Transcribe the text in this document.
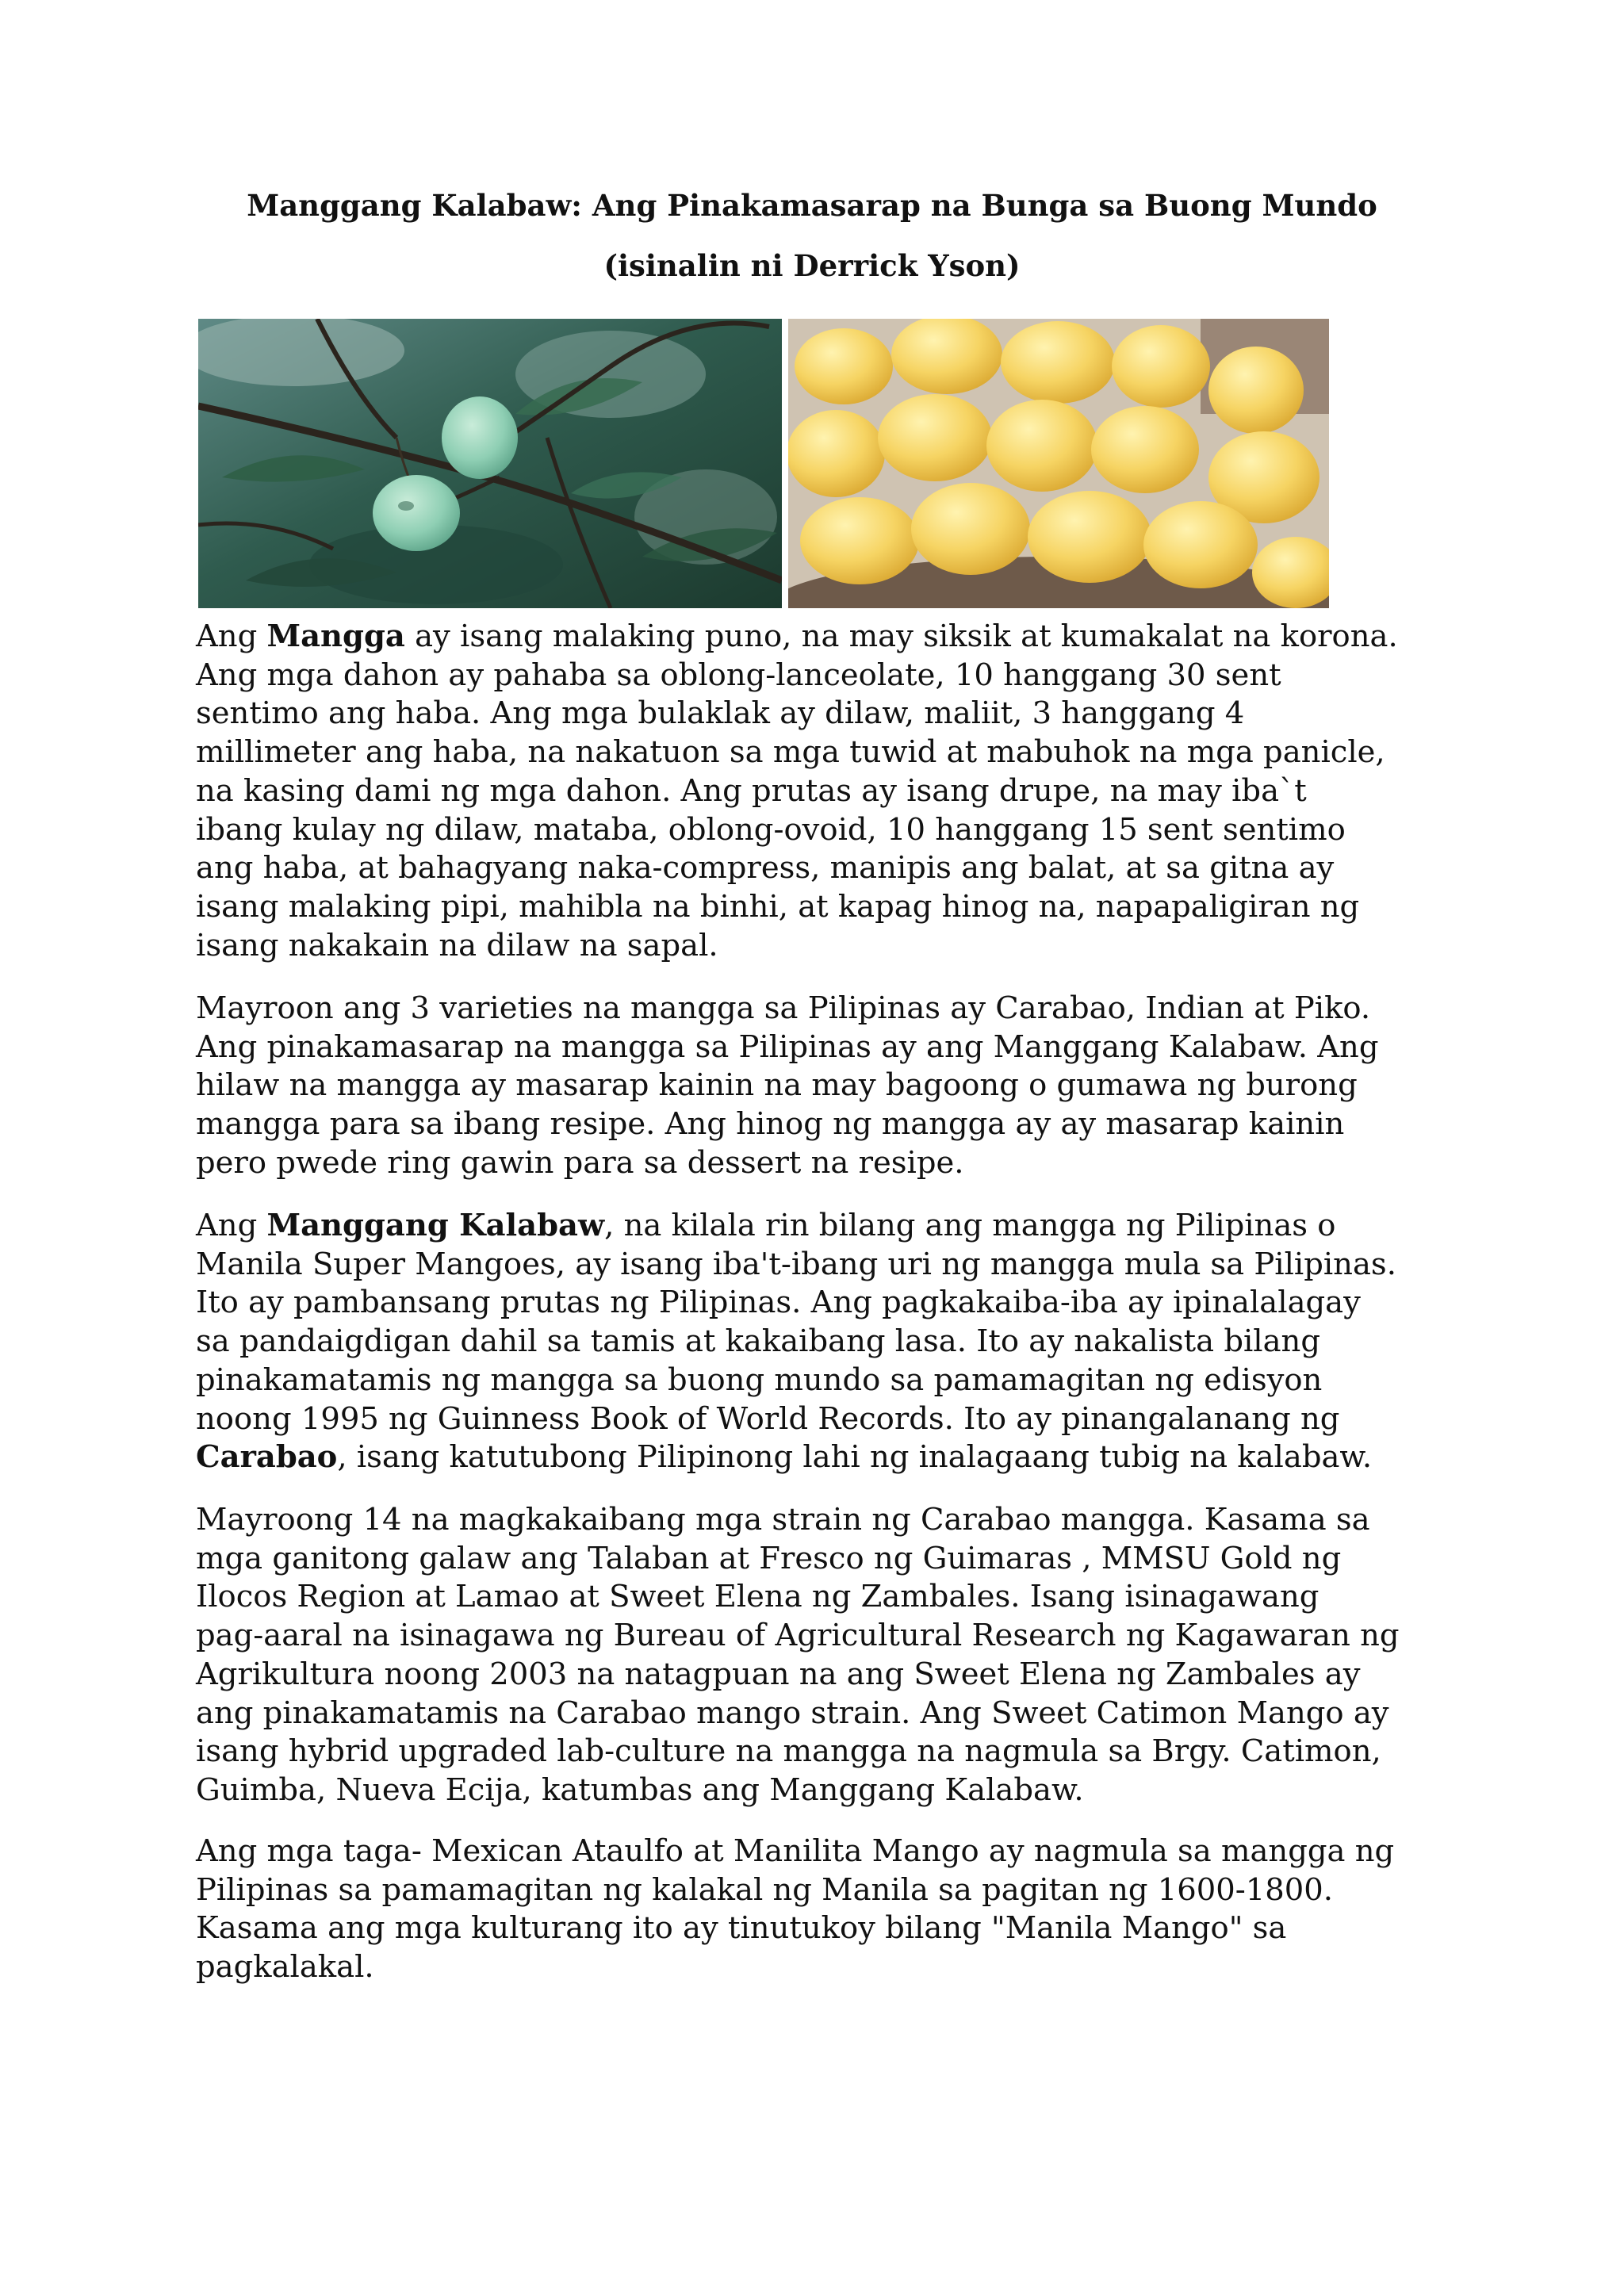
Manggang Kalabaw: Ang Pinakamasarap na Bunga sa Buong Mundo
(isinalin ni Derrick Yson)
Ang Mangga ay isang malaking puno, na may siksik at kumakalat na korona.
Ang mga dahon ay pahaba sa oblong-lanceolate, 10 hanggang 30 sent
sentimo ang haba. Ang mga bulaklak ay dilaw, maliit, 3 hanggang 4
millimeter ang haba, na nakatuon sa mga tuwid at mabuhok na mga panicle,
na kasing dami ng mga dahon. Ang prutas ay isang drupe, na may iba`t
ibang kulay ng dilaw, mataba, oblong-ovoid, 10 hanggang 15 sent sentimo
ang haba, at bahagyang naka-compress, manipis ang balat, at sa gitna ay
isang malaking pipi, mahibla na binhi, at kapag hinog na, napapaligiran ng
isang nakakain na dilaw na sapal.
Mayroon ang 3 varieties na mangga sa Pilipinas ay Carabao, Indian at Piko.
Ang pinakamasarap na mangga sa Pilipinas ay ang Manggang Kalabaw. Ang
hilaw na mangga ay masarap kainin na may bagoong o gumawa ng burong
mangga para sa ibang resipe. Ang hinog ng mangga ay ay masarap kainin
pero pwede ring gawin para sa dessert na resipe.
Ang Manggang Kalabaw, na kilala rin bilang ang mangga ng Pilipinas o
Manila Super Mangoes, ay isang iba't-ibang uri ng mangga mula sa Pilipinas.
Ito ay pambansang prutas ng Pilipinas. Ang pagkakaiba-iba ay ipinalalagay
sa pandaigdigan dahil sa tamis at kakaibang lasa. Ito ay nakalista bilang
pinakamatamis ng mangga sa buong mundo sa pamamagitan ng edisyon
noong 1995 ng Guinness Book of World Records. Ito ay pinangalanang ng
Carabao, isang katutubong Pilipinong lahi ng inalagaang tubig na kalabaw.
Mayroong 14 na magkakaibang mga strain ng Carabao mangga. Kasama sa
mga ganitong galaw ang Talaban at Fresco ng Guimaras , MMSU Gold ng
Ilocos Region at Lamao at Sweet Elena ng Zambales. Isang isinagawang
pag-aaral na isinagawa ng Bureau of Agricultural Research ng Kagawaran ng
Agrikultura noong 2003 na natagpuan na ang Sweet Elena ng Zambales ay
ang pinakamatamis na Carabao mango strain. Ang Sweet Catimon Mango ay
isang hybrid upgraded lab-culture na mangga na nagmula sa Brgy. Catimon,
Guimba, Nueva Ecija, katumbas ang Manggang Kalabaw.
Ang mga taga- Mexican Ataulfo at Manilita Mango ay nagmula sa mangga ng
Pilipinas sa pamamagitan ng kalakal ng Manila sa pagitan ng 1600-1800.
Kasama ang mga kulturang ito ay tinutukoy bilang "Manila Mango" sa
pagkalakal.
